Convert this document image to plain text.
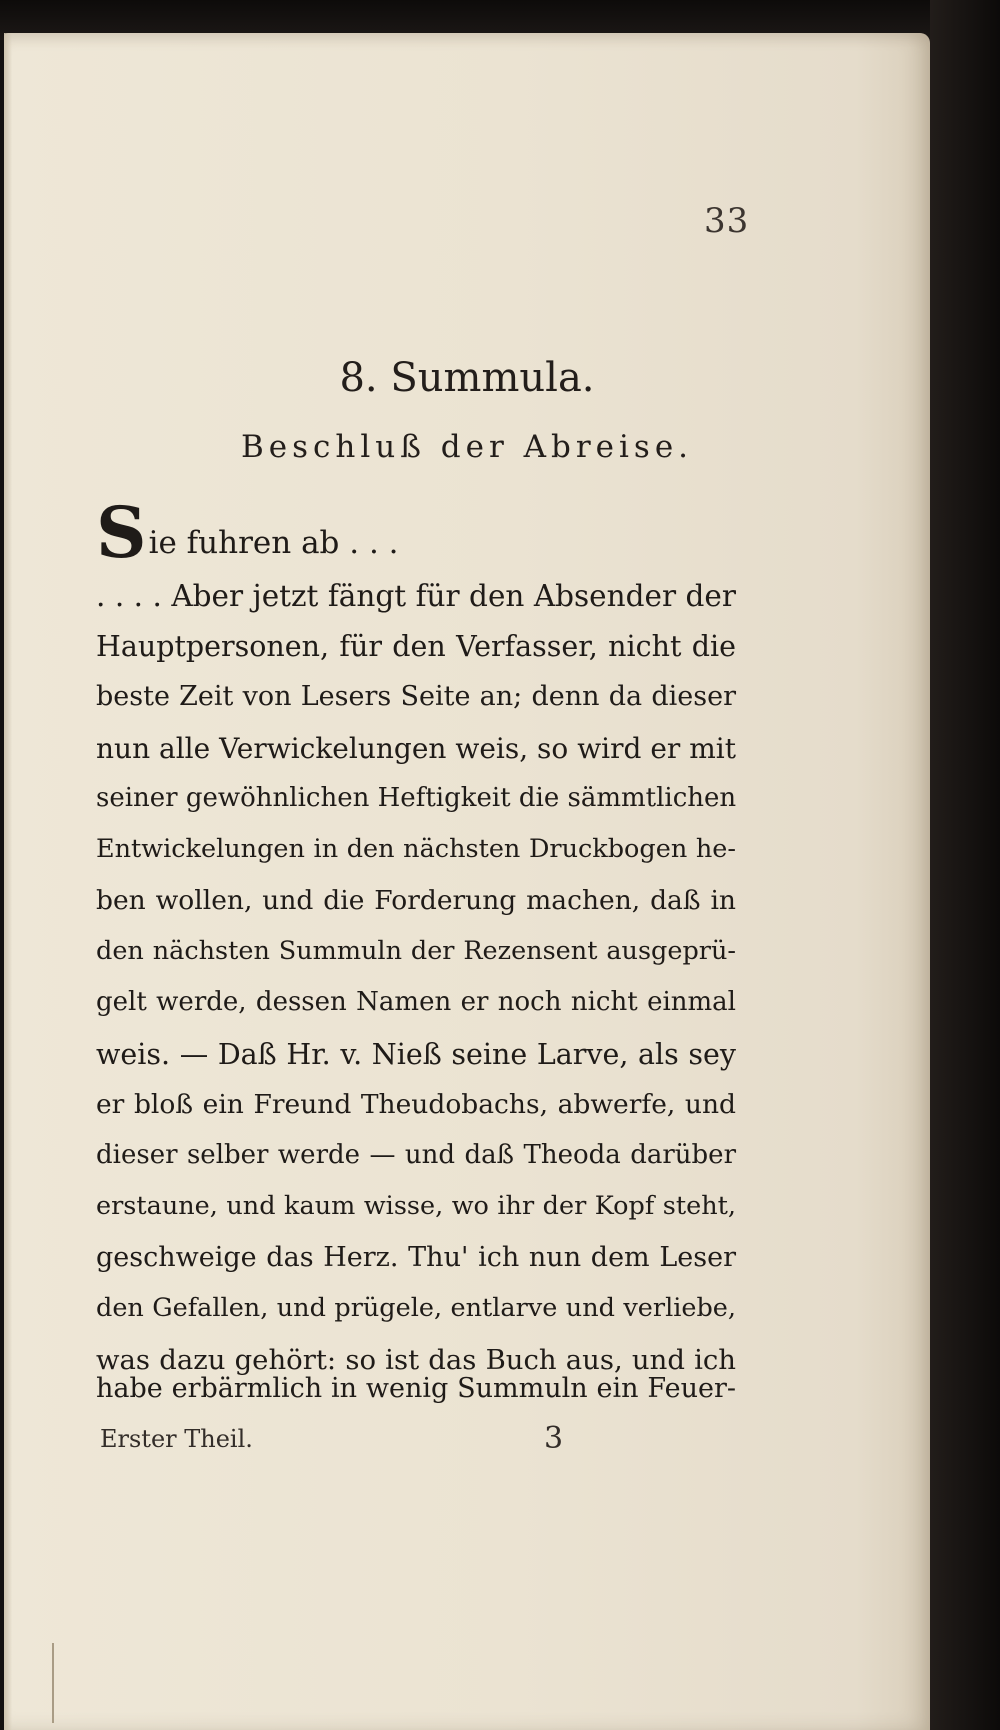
33
8. Summula.
Beschluß der Abreise.
S ie fuhren ab . . .
. . . . Aber jetzt fängt für den Absender der
Hauptpersonen, für den Verfasser, nicht die
beste Zeit von Lesers Seite an; denn da dieser
nun alle Verwickelungen weis, so wird er mit
seiner gewöhnlichen Heftigkeit die sämmtlichen
Entwickelungen in den nächsten Druckbogen he-
ben wollen, und die Forderung machen, daß in
den nächsten Summuln der Rezensent ausgeprü-
gelt werde, dessen Namen er noch nicht einmal
weis. — Daß Hr. v. Nieß seine Larve, als sey
er bloß ein Freund Theudobachs, abwerfe, und
dieser selber werde — und daß Theoda darüber
erstaune, und kaum wisse, wo ihr der Kopf steht,
geschweige das Herz. Thu' ich nun dem Leser
den Gefallen, und prügele, entlarve und verliebe,
was dazu gehört: so ist das Buch aus, und ich
habe erbärmlich in wenig Summuln ein Feuer-
Erster Theil.	3
